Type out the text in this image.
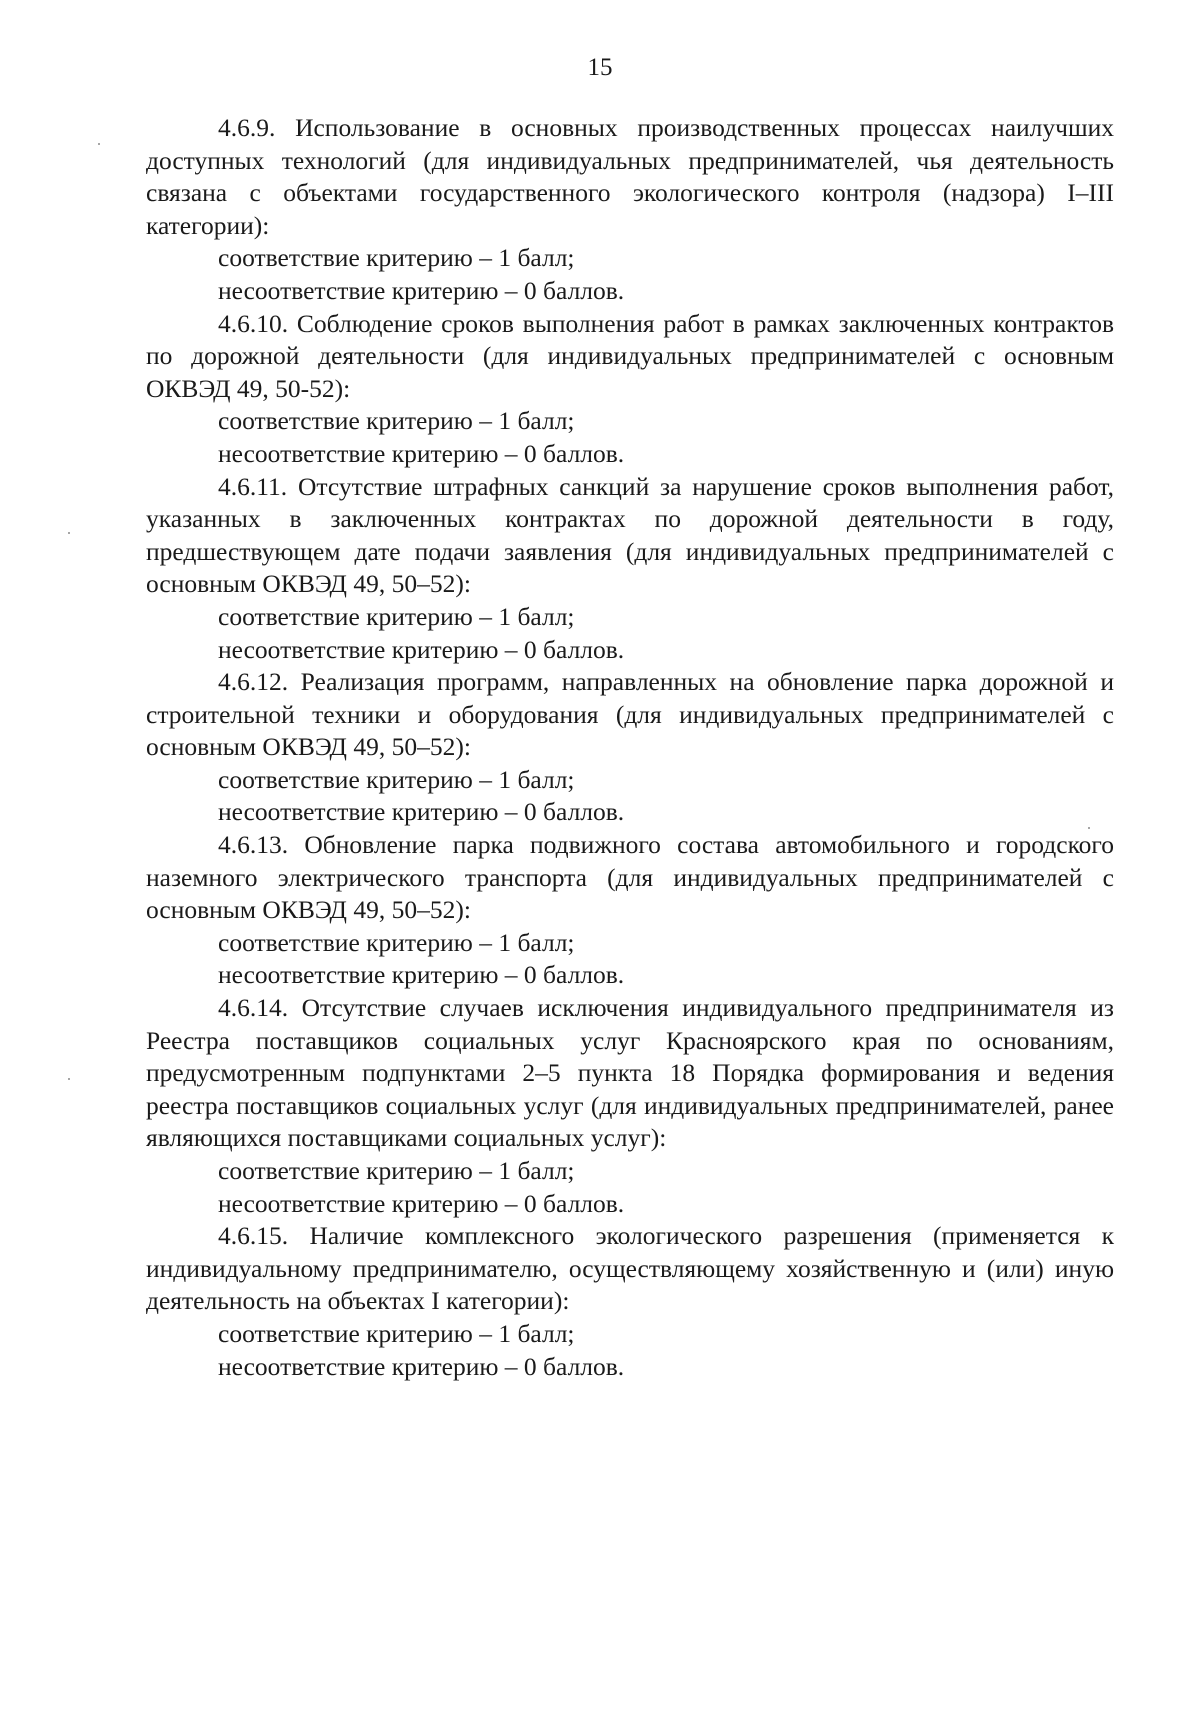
15

4.6.9. Использование в основных производственных процессах наилучших доступных технологий (для индивидуальных предпринимателей, чья деятельность связана с объектами государственного экологического контроля (надзора) I–III категории):

соответствие критерию – 1 балл;

несоответствие критерию – 0 баллов.

4.6.10. Соблюдение сроков выполнения работ в рамках заключенных контрактов по дорожной деятельности (для индивидуальных предпринимателей с основным ОКВЭД 49, 50-52):

соответствие критерию – 1 балл;

несоответствие критерию – 0 баллов.

4.6.11. Отсутствие штрафных санкций за нарушение сроков выполнения работ, указанных в заключенных контрактах по дорожной деятельности в году, предшествующем дате подачи заявления (для индивидуальных предпринимателей с основным ОКВЭД 49, 50–52):

соответствие критерию – 1 балл;

несоответствие критерию – 0 баллов.

4.6.12. Реализация программ, направленных на обновление парка дорожной и строительной техники и оборудования (для индивидуальных предпринимателей с основным ОКВЭД 49, 50–52):

соответствие критерию – 1 балл;

несоответствие критерию – 0 баллов.

4.6.13. Обновление парка подвижного состава автомобильного и городского наземного электрического транспорта (для индивидуальных предпринимателей с основным ОКВЭД 49, 50–52):

соответствие критерию – 1 балл;

несоответствие критерию – 0 баллов.

4.6.14. Отсутствие случаев исключения индивидуального предпринимателя из Реестра поставщиков социальных услуг Красноярского края по основаниям, предусмотренным подпунктами 2–5 пункта 18 Порядка формирования и ведения реестра поставщиков социальных услуг (для индивидуальных предпринимателей, ранее являющихся поставщиками социальных услуг):

соответствие критерию – 1 балл;

несоответствие критерию – 0 баллов.

4.6.15. Наличие комплексного экологического разрешения (применяется к индивидуальному предпринимателю, осуществляющему хозяйственную и (или) иную деятельность на объектах I категории):

соответствие критерию – 1 балл;

несоответствие критерию – 0 баллов.
